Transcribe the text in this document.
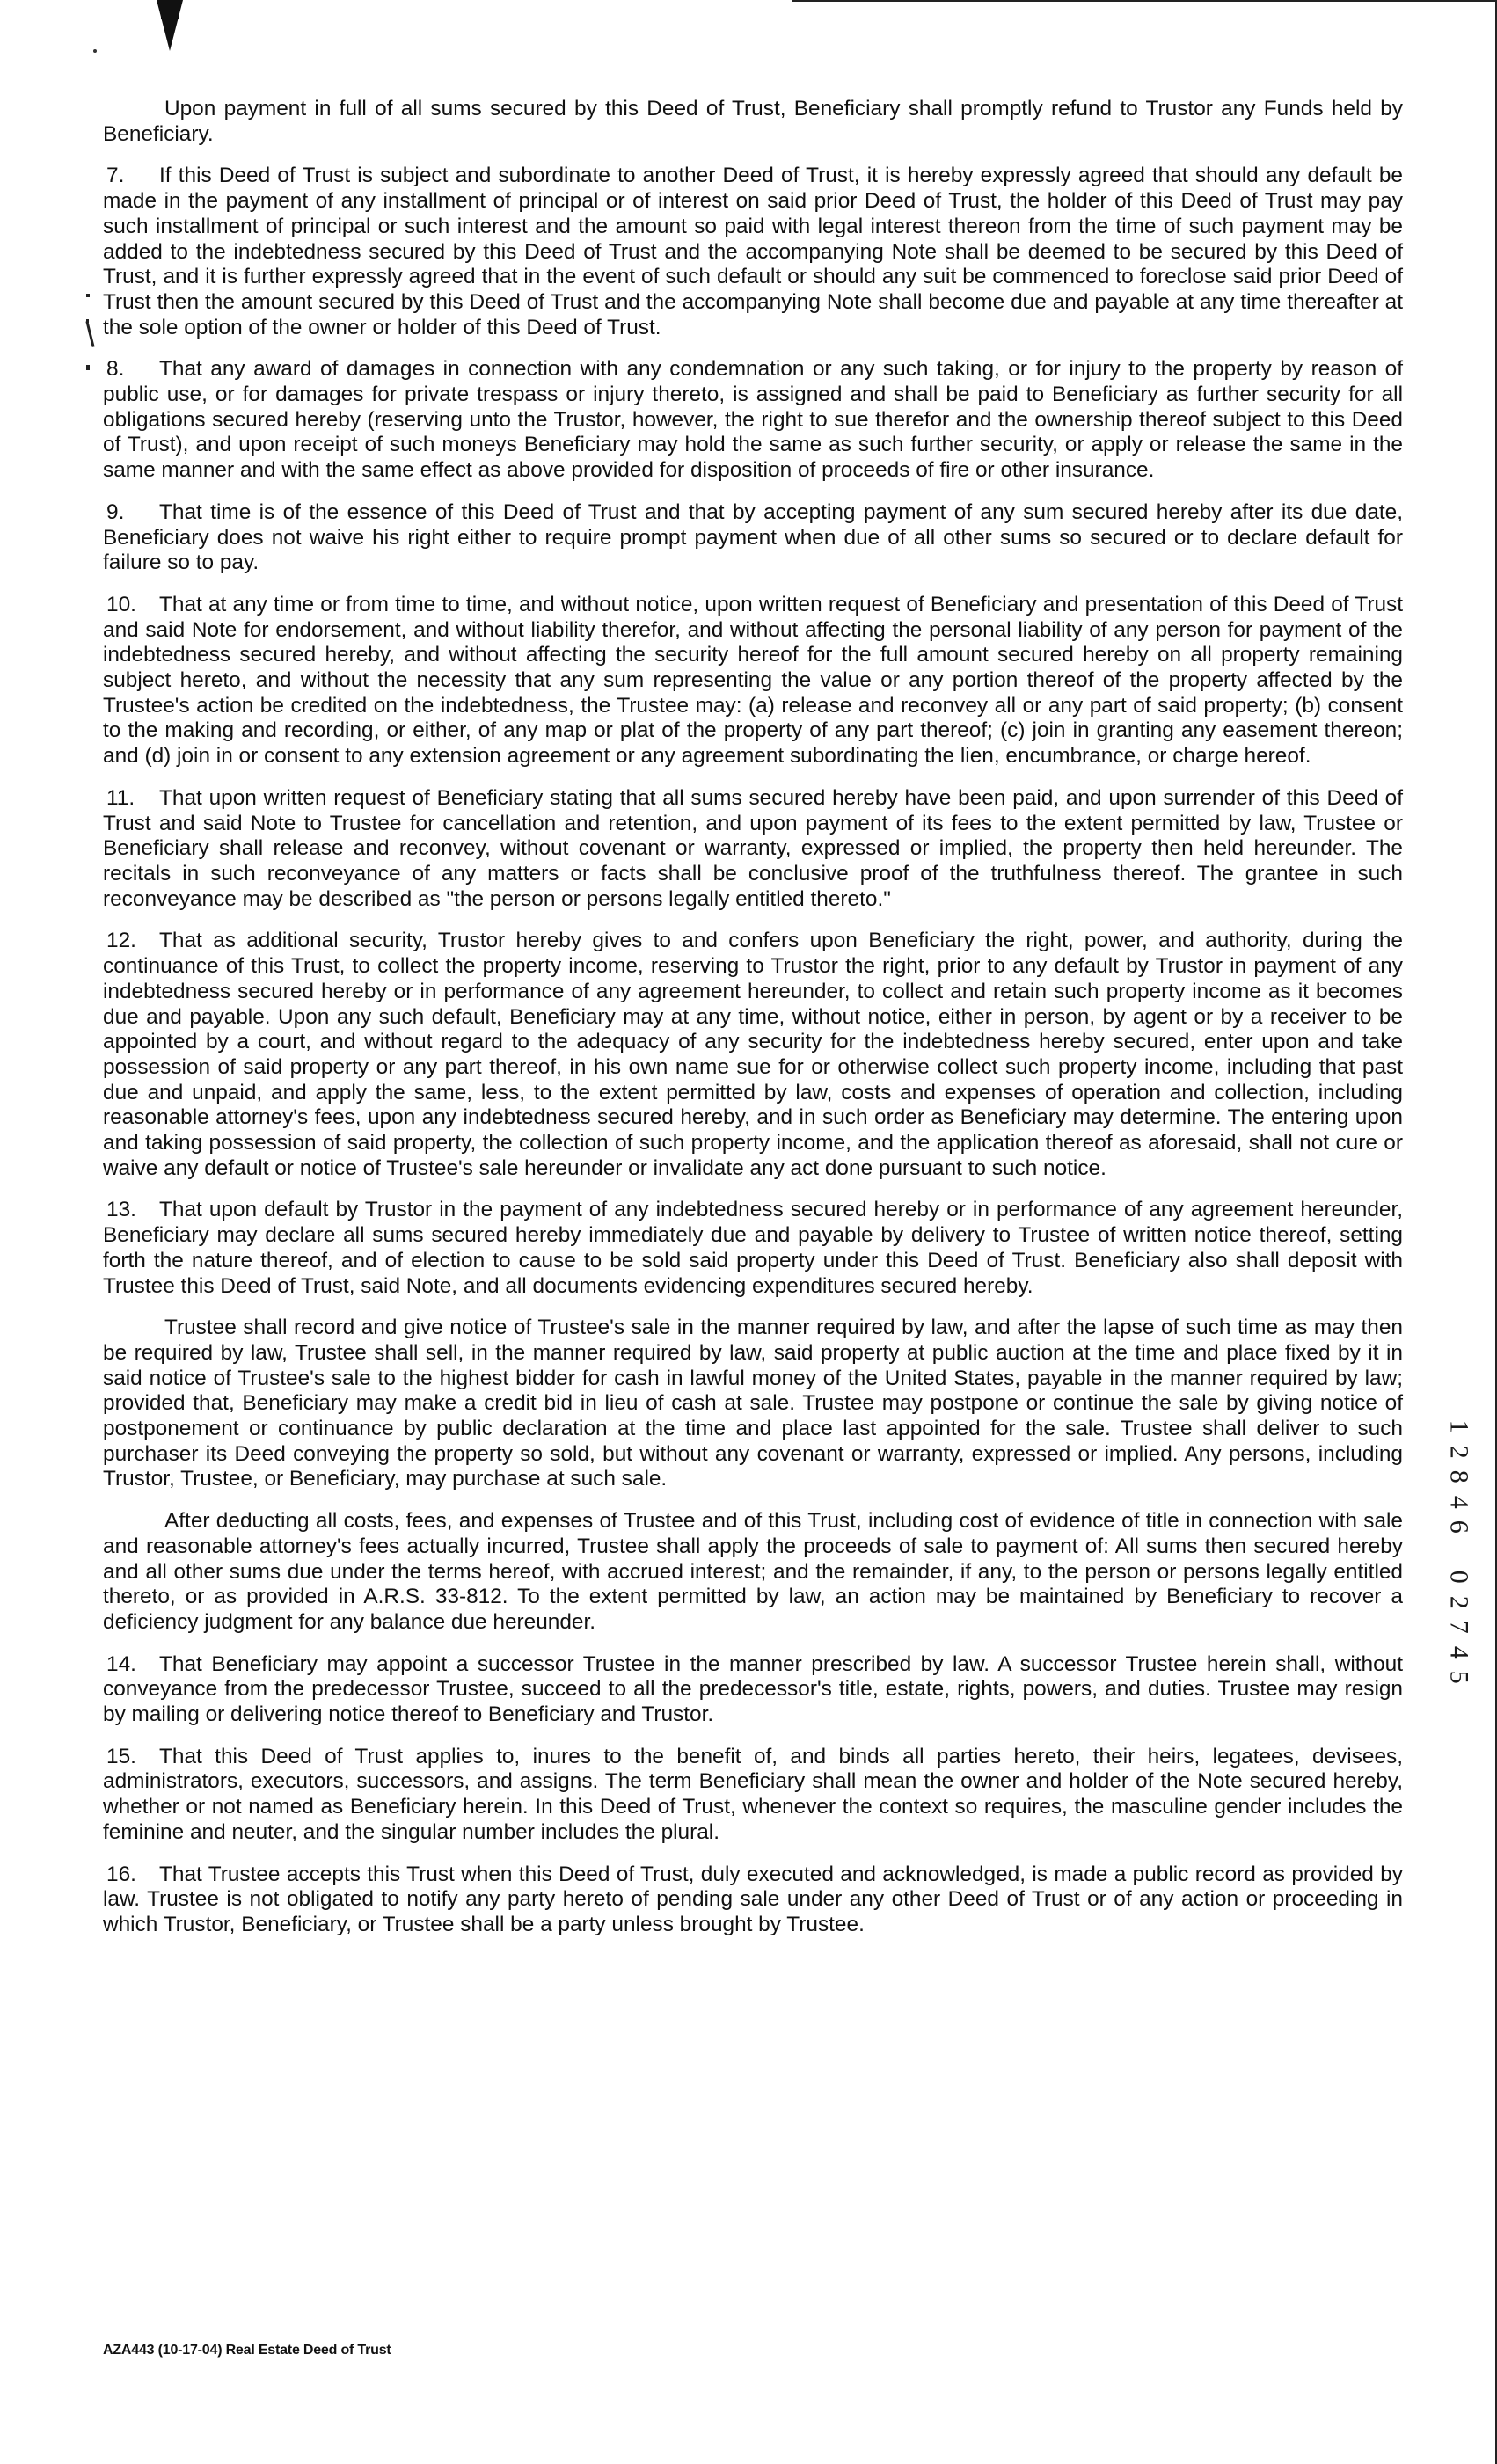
Upon payment in full of all sums secured by this Deed of Trust, Beneficiary shall promptly refund to Trustor any Funds held by Beneficiary.

7. If this Deed of Trust is subject and subordinate to another Deed of Trust, it is hereby expressly agreed that should any default be made in the payment of any installment of principal or of interest on said prior Deed of Trust, the holder of this Deed of Trust may pay such installment of principal or such interest and the amount so paid with legal interest thereon from the time of such payment may be added to the indebtedness secured by this Deed of Trust and the accompanying Note shall be deemed to be secured by this Deed of Trust, and it is further expressly agreed that in the event of such default or should any suit be commenced to foreclose said prior Deed of Trust then the amount secured by this Deed of Trust and the accompanying Note shall become due and payable at any time thereafter at the sole option of the owner or holder of this Deed of Trust.

8. That any award of damages in connection with any condemnation or any such taking, or for injury to the property by reason of public use, or for damages for private trespass or injury thereto, is assigned and shall be paid to Beneficiary as further security for all obligations secured hereby (reserving unto the Trustor, however, the right to sue therefor and the ownership thereof subject to this Deed of Trust), and upon receipt of such moneys Beneficiary may hold the same as such further security, or apply or release the same in the same manner and with the same effect as above provided for disposition of proceeds of fire or other insurance.

9. That time is of the essence of this Deed of Trust and that by accepting payment of any sum secured hereby after its due date, Beneficiary does not waive his right either to require prompt payment when due of all other sums so secured or to declare default for failure so to pay.

10. That at any time or from time to time, and without notice, upon written request of Beneficiary and presentation of this Deed of Trust and said Note for endorsement, and without liability therefor, and without affecting the personal liability of any person for payment of the indebtedness secured hereby, and without affecting the security hereof for the full amount secured hereby on all property remaining subject hereto, and without the necessity that any sum representing the value or any portion thereof of the property affected by the Trustee's action be credited on the indebtedness, the Trustee may: (a) release and reconvey all or any part of said property; (b) consent to the making and recording, or either, of any map or plat of the property of any part thereof; (c) join in granting any easement thereon; and (d) join in or consent to any extension agreement or any agreement subordinating the lien, encumbrance, or charge hereof.

11. That upon written request of Beneficiary stating that all sums secured hereby have been paid, and upon surrender of this Deed of Trust and said Note to Trustee for cancellation and retention, and upon payment of its fees to the extent permitted by law, Trustee or Beneficiary shall release and reconvey, without covenant or warranty, expressed or implied, the property then held hereunder. The recitals in such reconveyance of any matters or facts shall be conclusive proof of the truthfulness thereof. The grantee in such reconveyance may be described as "the person or persons legally entitled thereto."

12. That as additional security, Trustor hereby gives to and confers upon Beneficiary the right, power, and authority, during the continuance of this Trust, to collect the property income, reserving to Trustor the right, prior to any default by Trustor in payment of any indebtedness secured hereby or in performance of any agreement hereunder, to collect and retain such property income as it becomes due and payable. Upon any such default, Beneficiary may at any time, without notice, either in person, by agent or by a receiver to be appointed by a court, and without regard to the adequacy of any security for the indebtedness hereby secured, enter upon and take possession of said property or any part thereof, in his own name sue for or otherwise collect such property income, including that past due and unpaid, and apply the same, less, to the extent permitted by law, costs and expenses of operation and collection, including reasonable attorney's fees, upon any indebtedness secured hereby, and in such order as Beneficiary may determine. The entering upon and taking possession of said property, the collection of such property income, and the application thereof as aforesaid, shall not cure or waive any default or notice of Trustee's sale hereunder or invalidate any act done pursuant to such notice.

13. That upon default by Trustor in the payment of any indebtedness secured hereby or in performance of any agreement hereunder, Beneficiary may declare all sums secured hereby immediately due and payable by delivery to Trustee of written notice thereof, setting forth the nature thereof, and of election to cause to be sold said property under this Deed of Trust. Beneficiary also shall deposit with Trustee this Deed of Trust, said Note, and all documents evidencing expenditures secured hereby.

Trustee shall record and give notice of Trustee's sale in the manner required by law, and after the lapse of such time as may then be required by law, Trustee shall sell, in the manner required by law, said property at public auction at the time and place fixed by it in said notice of Trustee's sale to the highest bidder for cash in lawful money of the United States, payable in the manner required by law; provided that, Beneficiary may make a credit bid in lieu of cash at sale. Trustee may postpone or continue the sale by giving notice of postponement or continuance by public declaration at the time and place last appointed for the sale. Trustee shall deliver to such purchaser its Deed conveying the property so sold, but without any covenant or warranty, expressed or implied. Any persons, including Trustor, Trustee, or Beneficiary, may purchase at such sale.

After deducting all costs, fees, and expenses of Trustee and of this Trust, including cost of evidence of title in connection with sale and reasonable attorney's fees actually incurred, Trustee shall apply the proceeds of sale to payment of: All sums then secured hereby and all other sums due under the terms hereof, with accrued interest; and the remainder, if any, to the person or persons legally entitled thereto, or as provided in A.R.S. 33-812. To the extent permitted by law, an action may be maintained by Beneficiary to recover a deficiency judgment for any balance due hereunder.

14. That Beneficiary may appoint a successor Trustee in the manner prescribed by law. A successor Trustee herein shall, without conveyance from the predecessor Trustee, succeed to all the predecessor's title, estate, rights, powers, and duties. Trustee may resign by mailing or delivering notice thereof to Beneficiary and Trustor.

15. That this Deed of Trust applies to, inures to the benefit of, and binds all parties hereto, their heirs, legatees, devisees, administrators, executors, successors, and assigns. The term Beneficiary shall mean the owner and holder of the Note secured hereby, whether or not named as Beneficiary herein. In this Deed of Trust, whenever the context so requires, the masculine gender includes the feminine and neuter, and the singular number includes the plural.

16. That Trustee accepts this Trust when this Deed of Trust, duly executed and acknowledged, is made a public record as provided by law. Trustee is not obligated to notify any party hereto of pending sale under any other Deed of Trust or of any action or proceeding in which Trustor, Beneficiary, or Trustee shall be a party unless brought by Trustee.

1
2
8
4
6
0
2
7
4
5
AZA443 (10-17-04) Real Estate Deed of Trust
